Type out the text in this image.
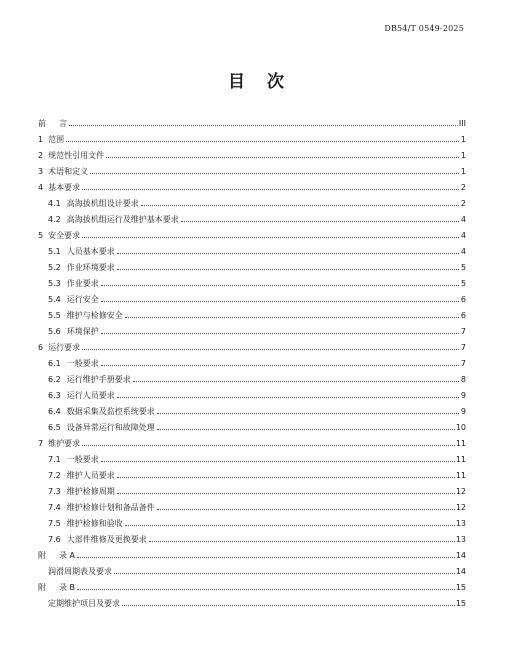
DB54/T 0549-2025
目 次
前 言	III
1 范围	1
2 规范性引用文件	1
3 术语和定义	1
4 基本要求	2
4.1 高海拔机组设计要求	2
4.2 高海拔机组运行及维护基本要求	4
5 安全要求	4
5.1 人员基本要求	4
5.2 作业环境要求	5
5.3 作业要求	5
5.4 运行安全	6
5.5 维护与检修安全	6
5.6 环境保护	7
6 运行要求	7
6.1 一般要求	7
6.2 运行维护手册要求	8
6.3 运行人员要求	9
6.4 数据采集及监控系统要求	9
6.5 设备异常运行和故障处理	10
7 维护要求	11
7.1 一般要求	11
7.2 维护人员要求	11
7.3 维护检修周期	12
7.4 维护检修计划和备品备件	12
7.5 维护检修和验收	13
7.6 大部件维修及更换要求	13
附 录 A	14
润滑周期表及要求	14
附 录 B	15
定期维护项目及要求	15
